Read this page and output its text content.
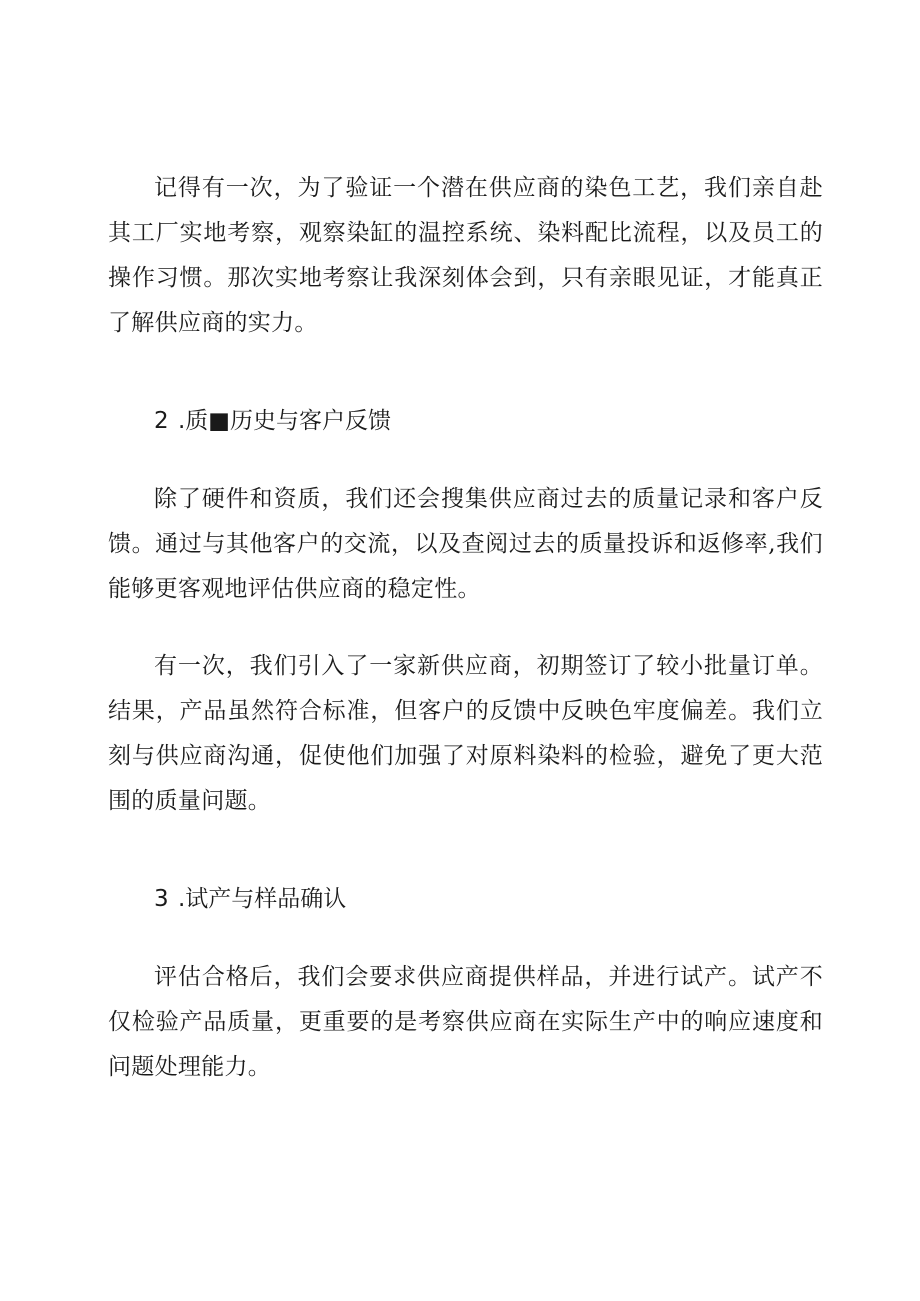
记得有一次，为了验证一个潜在供应商的染色工艺，我们亲自赴其工厂实地考察，观察染缸的温控系统、染料配比流程，以及员工的操作习惯。那次实地考察让我深刻体会到，只有亲眼见证，才能真正了解供应商的实力。

2 .质■历史与客户反馈

除了硬件和资质，我们还会搜集供应商过去的质量记录和客户反馈。通过与其他客户的交流，以及查阅过去的质量投诉和返修率,我们能够更客观地评估供应商的稳定性。

有一次，我们引入了一家新供应商，初期签订了较小批量订单。结果，产品虽然符合标准，但客户的反馈中反映色牢度偏差。我们立刻与供应商沟通，促使他们加强了对原料染料的检验，避免了更大范围的质量问题。

3 .试产与样品确认

评估合格后，我们会要求供应商提供样品，并进行试产。试产不仅检验产品质量，更重要的是考察供应商在实际生产中的响应速度和问题处理能力。
